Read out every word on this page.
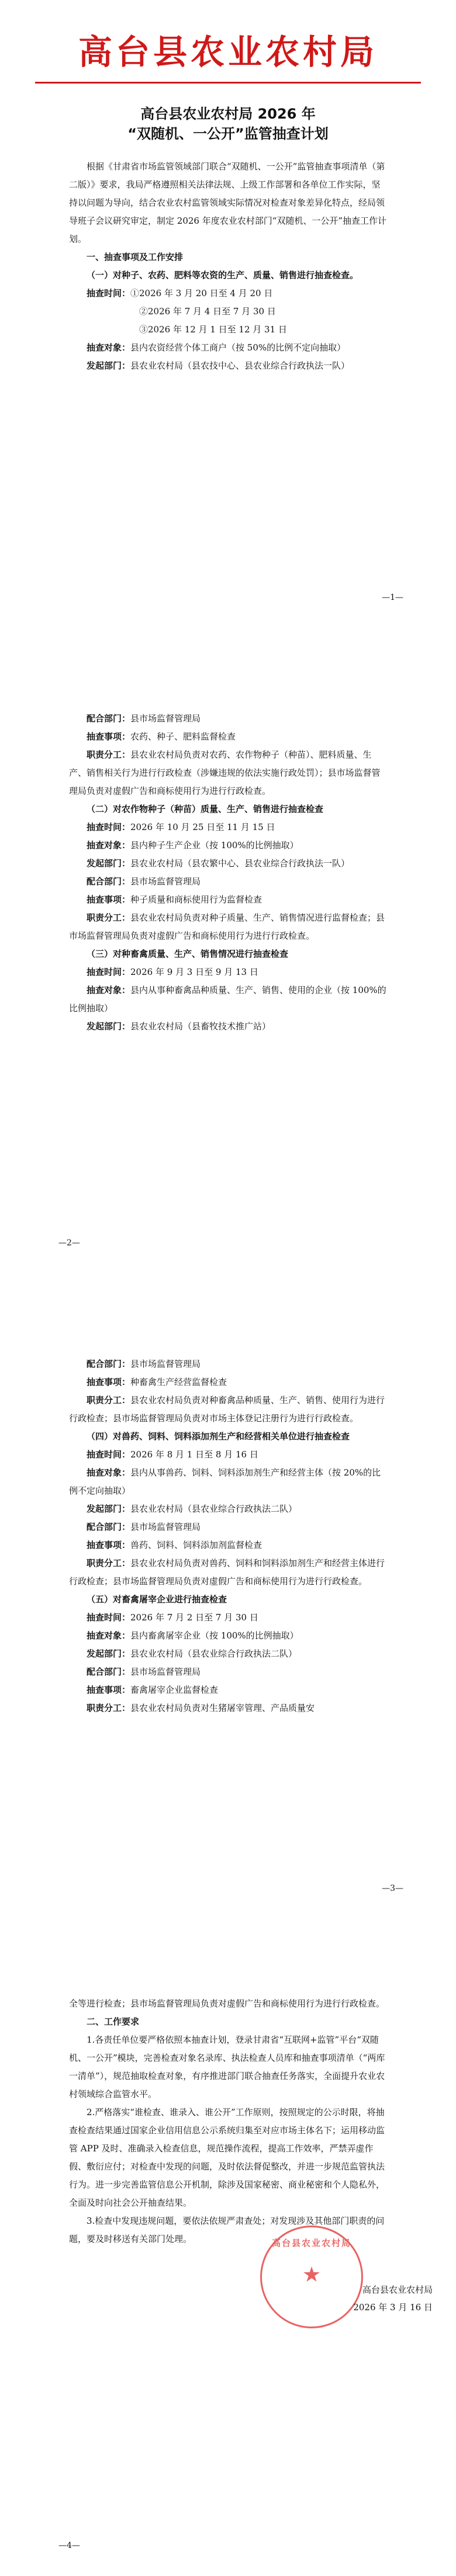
高台县农业农村局
高台县农业农村局 2026 年
“双随机、一公开”监管抽查计划

根据《甘肃省市场监管领域部门联合“双随机、一公开”监管抽查事项清单（第二版）》要求，我局严格遵照相关法律法规、上级工作部署和各单位工作实际，坚持以问题为导向，结合农业农村监管领域实际情况对检查对象差异化特点，经局领导班子会议研究审定，制定 2026 年度农业农村部门“双随机、一公开”抽查工作计划。

一、抽查事项及工作安排

（一）对种子、农药、肥料等农资的生产、质量、销售进行抽查检查。

抽查时间：①2026 年 3 月 20 日至 4 月 20 日

②2026 年 7 月 4 日至 7 月 30 日

③2026 年 12 月 1 日至 12 月 31 日

抽查对象：县内农资经营个体工商户（按 50%的比例不定向抽取）

发起部门：县农业农村局（县农技中心、县农业综合行政执法一队）

—1—

配合部门：县市场监督管理局

抽查事项：农药、种子、肥料监督检查

职责分工：县农业农村局负责对农药、农作物种子（种苗）、肥料质量、生产、销售相关行为进行行政检查（涉嫌违规的依法实施行政处罚）；县市场监督管理局负责对虚假广告和商标使用行为进行行政检查。

（二）对农作物种子（种苗）质量、生产、销售进行抽查检查

抽查时间：2026 年 10 月 25 日至 11 月 15 日

抽查对象：县内种子生产企业（按 100%的比例抽取）

发起部门：县农业农村局（县农繁中心、县农业综合行政执法一队）

配合部门：县市场监督管理局

抽查事项：种子质量和商标使用行为监督检查

职责分工：县农业农村局负责对种子质量、生产、销售情况进行监督检查；县市场监督管理局负责对虚假广告和商标使用行为进行行政检查。

（三）对种畜禽质量、生产、销售情况进行抽查检查

抽查时间：2026 年 9 月 3 日至 9 月 13 日

抽查对象：县内从事种畜禽品种质量、生产、销售、使用的企业（按 100%的比例抽取）

发起部门：县农业农村局（县畜牧技术推广站）

—2—

配合部门：县市场监督管理局

抽查事项：种畜禽生产经营监督检查

职责分工：县农业农村局负责对种畜禽品种质量、生产、销售、使用行为进行行政检查；县市场监督管理局负责对市场主体登记注册行为进行行政检查。

（四）对兽药、饲料、饲料添加剂生产和经营相关单位进行抽查检查

抽查时间：2026 年 8 月 1 日至 8 月 16 日

抽查对象：县内从事兽药、饲料、饲料添加剂生产和经营主体（按 20%的比例不定向抽取）

发起部门：县农业农村局（县农业综合行政执法二队）

配合部门：县市场监督管理局

抽查事项：兽药、饲料、饲料添加剂监督检查

职责分工：县农业农村局负责对兽药、饲料和饲料添加剂生产和经营主体进行行政检查；县市场监督管理局负责对虚假广告和商标使用行为进行行政检查。

（五）对畜禽屠宰企业进行抽查检查

抽查时间：2026 年 7 月 2 日至 7 月 30 日

抽查对象：县内畜禽屠宰企业（按 100%的比例抽取）

发起部门：县农业农村局（县农业综合行政执法二队）

配合部门：县市场监督管理局

抽查事项：畜禽屠宰企业监督检查

职责分工：县农业农村局负责对生猪屠宰管理、产品质量安

—3—

全等进行检查；县市场监督管理局负责对虚假广告和商标使用行为进行行政检查。

二、工作要求

1.各责任单位要严格依照本抽查计划，登录甘肃省“互联网+监管”平台“双随机、一公开”模块，完善检查对象名录库、执法检查人员库和抽查事项清单（“两库一清单”），规范抽取检查对象，有序推进部门联合抽查任务落实，全面提升农业农村领域综合监管水平。

2.严格落实“谁检查、谁录入、谁公开”工作原则，按照规定的公示时限，将抽查检查结果通过国家企业信用信息公示系统归集至对应市场主体名下；运用移动监管 APP 及时、准确录入检查信息，规范操作流程，提高工作效率，严禁弄虚作假、敷衍应付；对检查中发现的问题，及时依法督促整改，并进一步规范监管执法行为。进一步完善监管信息公开机制，除涉及国家秘密、商业秘密和个人隐私外，全面及时向社会公开抽查结果。

3.检查中发现违规问题，要依法依规严肃查处；对发现涉及其他部门职责的问题，要及时移送有关部门处理。

—4—
高台县农业农村局
★
高台县农业农村局
2026 年 3 月 16 日
